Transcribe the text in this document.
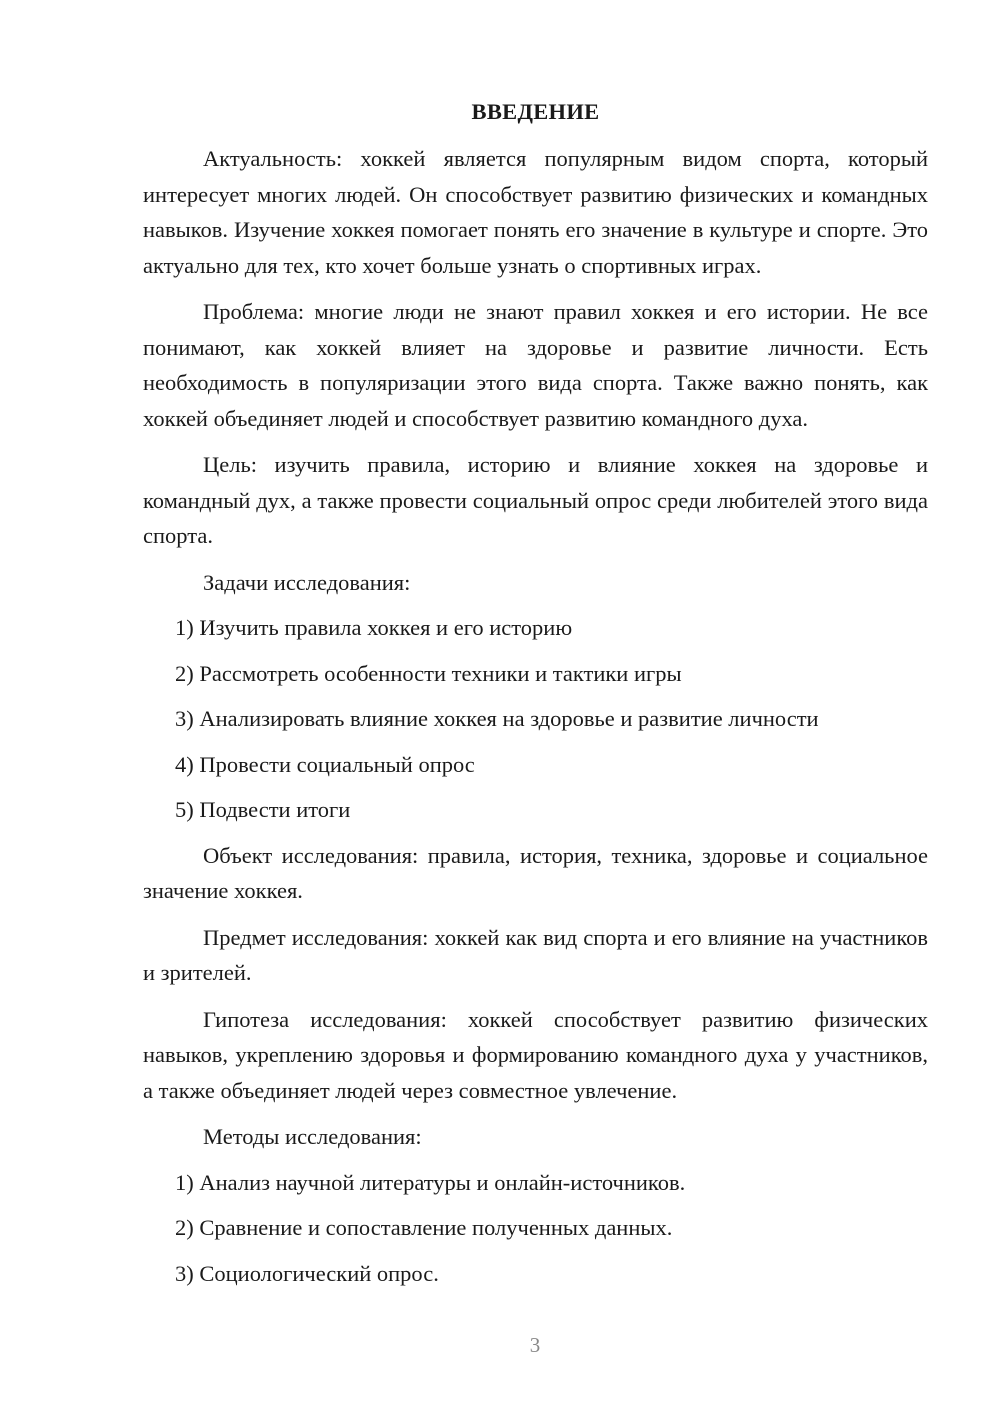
ВВЕДЕНИЕ

Актуальность: хоккей является популярным видом спорта, который интересует многих людей. Он способствует развитию физических и командных навыков. Изучение хоккея помогает понять его значение в культуре и спорте. Это актуально для тех, кто хочет больше узнать о спортивных играх.

Проблема: многие люди не знают правил хоккея и его истории. Не все понимают, как хоккей влияет на здоровье и развитие личности. Есть необходимость в популяризации этого вида спорта. Также важно понять, как хоккей объединяет людей и способствует развитию командного духа.

Цель: изучить правила, историю и влияние хоккея на здоровье и командный дух, а также провести социальный опрос среди любителей этого вида спорта.

Задачи исследования:
1) Изучить правила хоккея и его историю
2) Рассмотреть особенности техники и тактики игры
3) Анализировать влияние хоккея на здоровье и развитие личности
4) Провести социальный опрос
5) Подвести итоги

Объект исследования: правила, история, техника, здоровье и социальное значение хоккея.

Предмет исследования: хоккей как вид спорта и его влияние на участников и зрителей.

Гипотеза исследования: хоккей способствует развитию физических навыков, укреплению здоровья и формированию командного духа у участников, а также объединяет людей через совместное увлечение.

Методы исследования:
1) Анализ научной литературы и онлайн-источников.
2) Сравнение и сопоставление полученных данных.
3) Социологический опрос.
3
